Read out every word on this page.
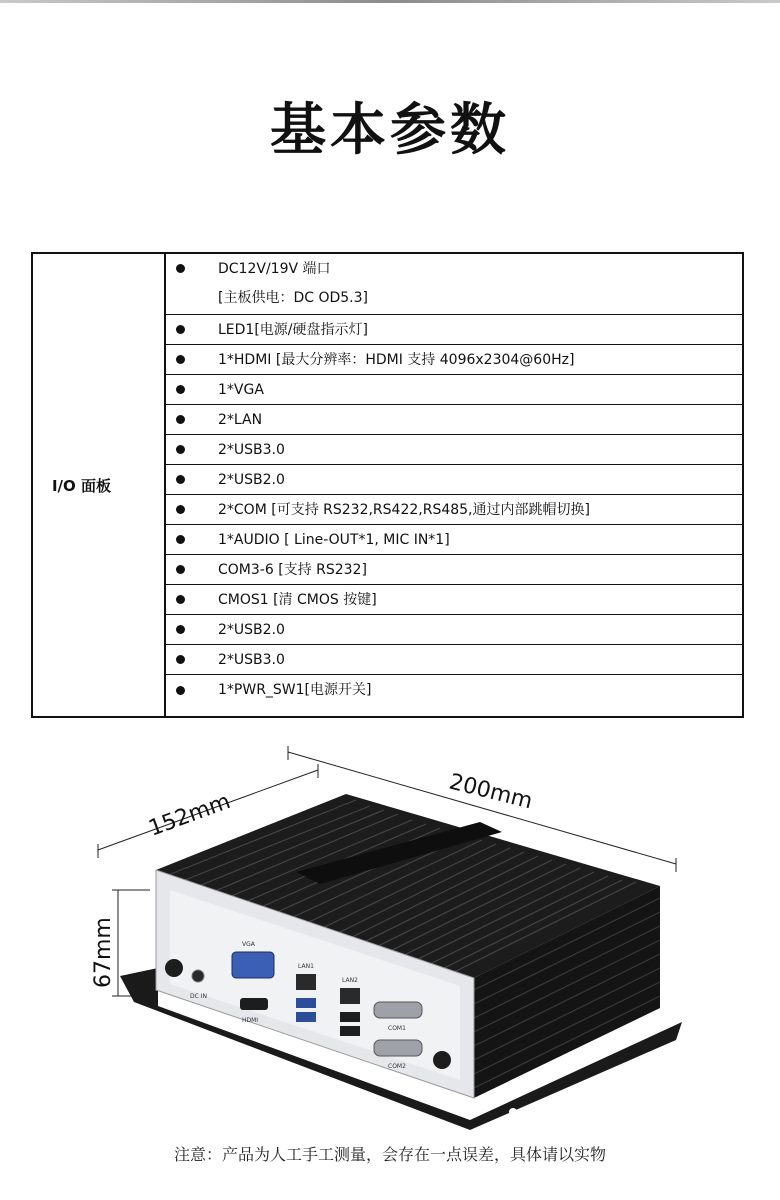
基本参数
I/O 面板
DC12V/19V 端口
[主板供电：DC OD5.3]
LED1[电源/硬盘指示灯]
1*HDMI [最大分辨率：HDMI 支持 4096x2304@60Hz]
1*VGA
2*LAN
2*USB3.0
2*USB2.0
2*COM [可支持 RS232,RS422,RS485,通过内部跳帽切换]
1*AUDIO [ Line-OUT*1, MIC IN*1]
COM3-6 [支持 RS232]
CMOS1 [清 CMOS 按键]
2*USB2.0
2*USB3.0
1*PWR_SW1[电源开关]
152mm	200mm
67mm
DC IN
VGA
HDMI
LAN1
LAN2
COM1
COM2
注意：产品为人工手工测量，会存在一点误差，具体请以实物
